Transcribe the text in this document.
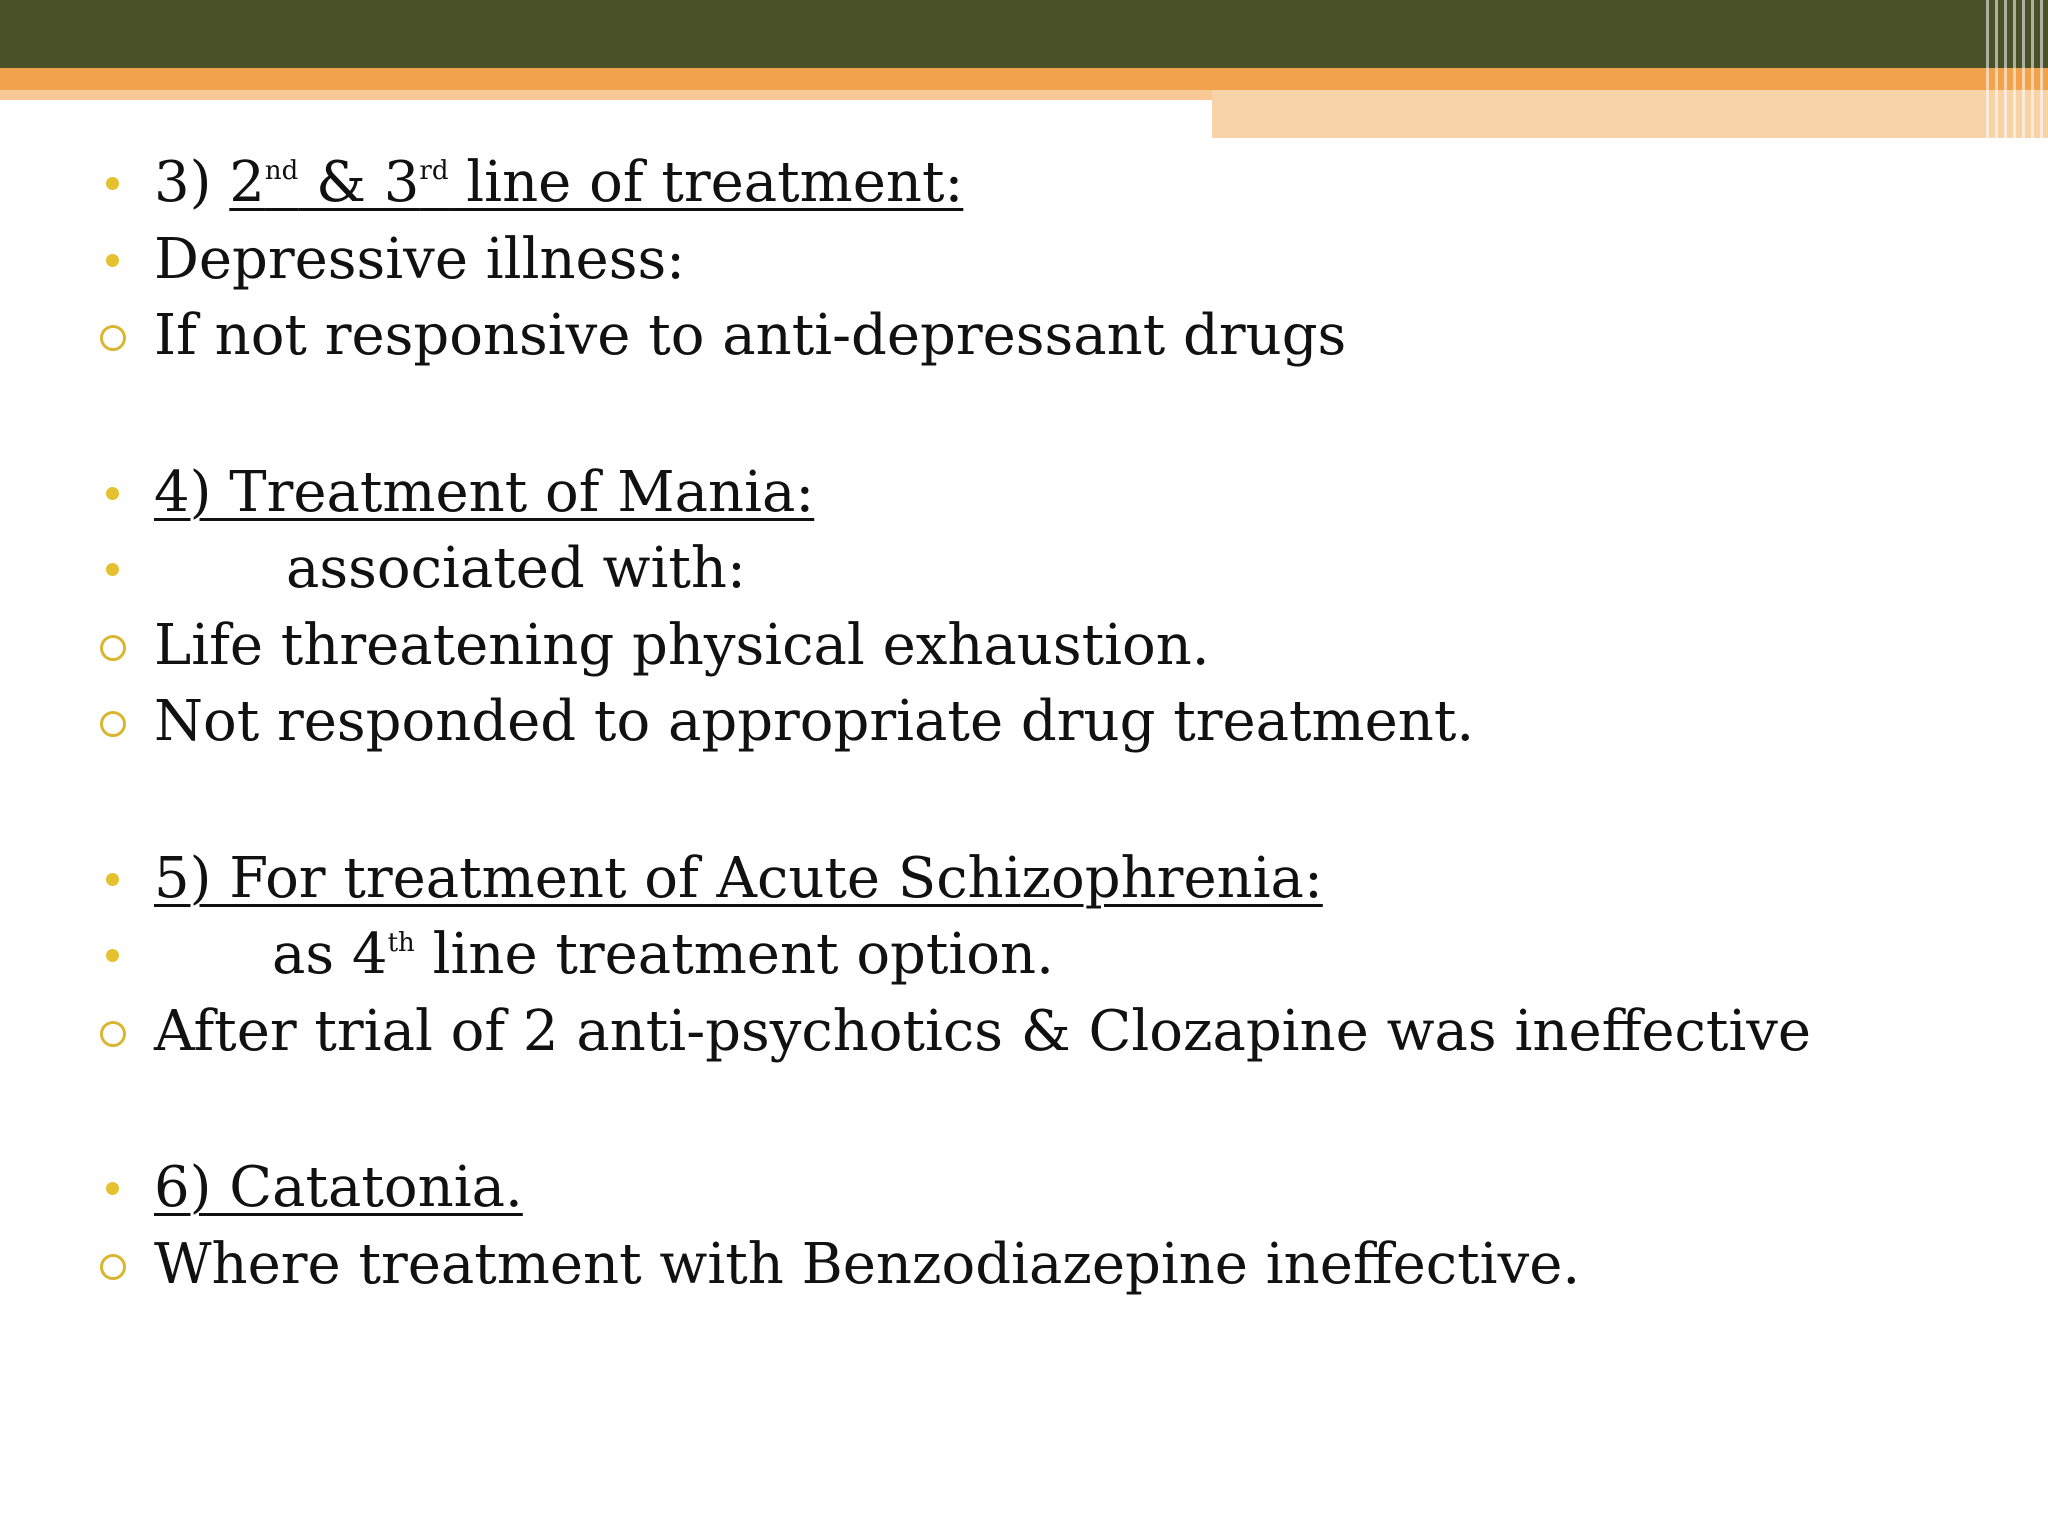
3) 2nd & 3rd line of treatment:
Depressive illness:
If not responsive to anti-depressant drugs
4) Treatment of Mania:
associated with:
Life threatening physical exhaustion.
Not responded to appropriate drug treatment.
5) For treatment of Acute Schizophrenia:
as 4th line treatment option.
After trial of 2 anti-psychotics & Clozapine was ineffective
6) Catatonia.
Where treatment with Benzodiazepine ineffective.
